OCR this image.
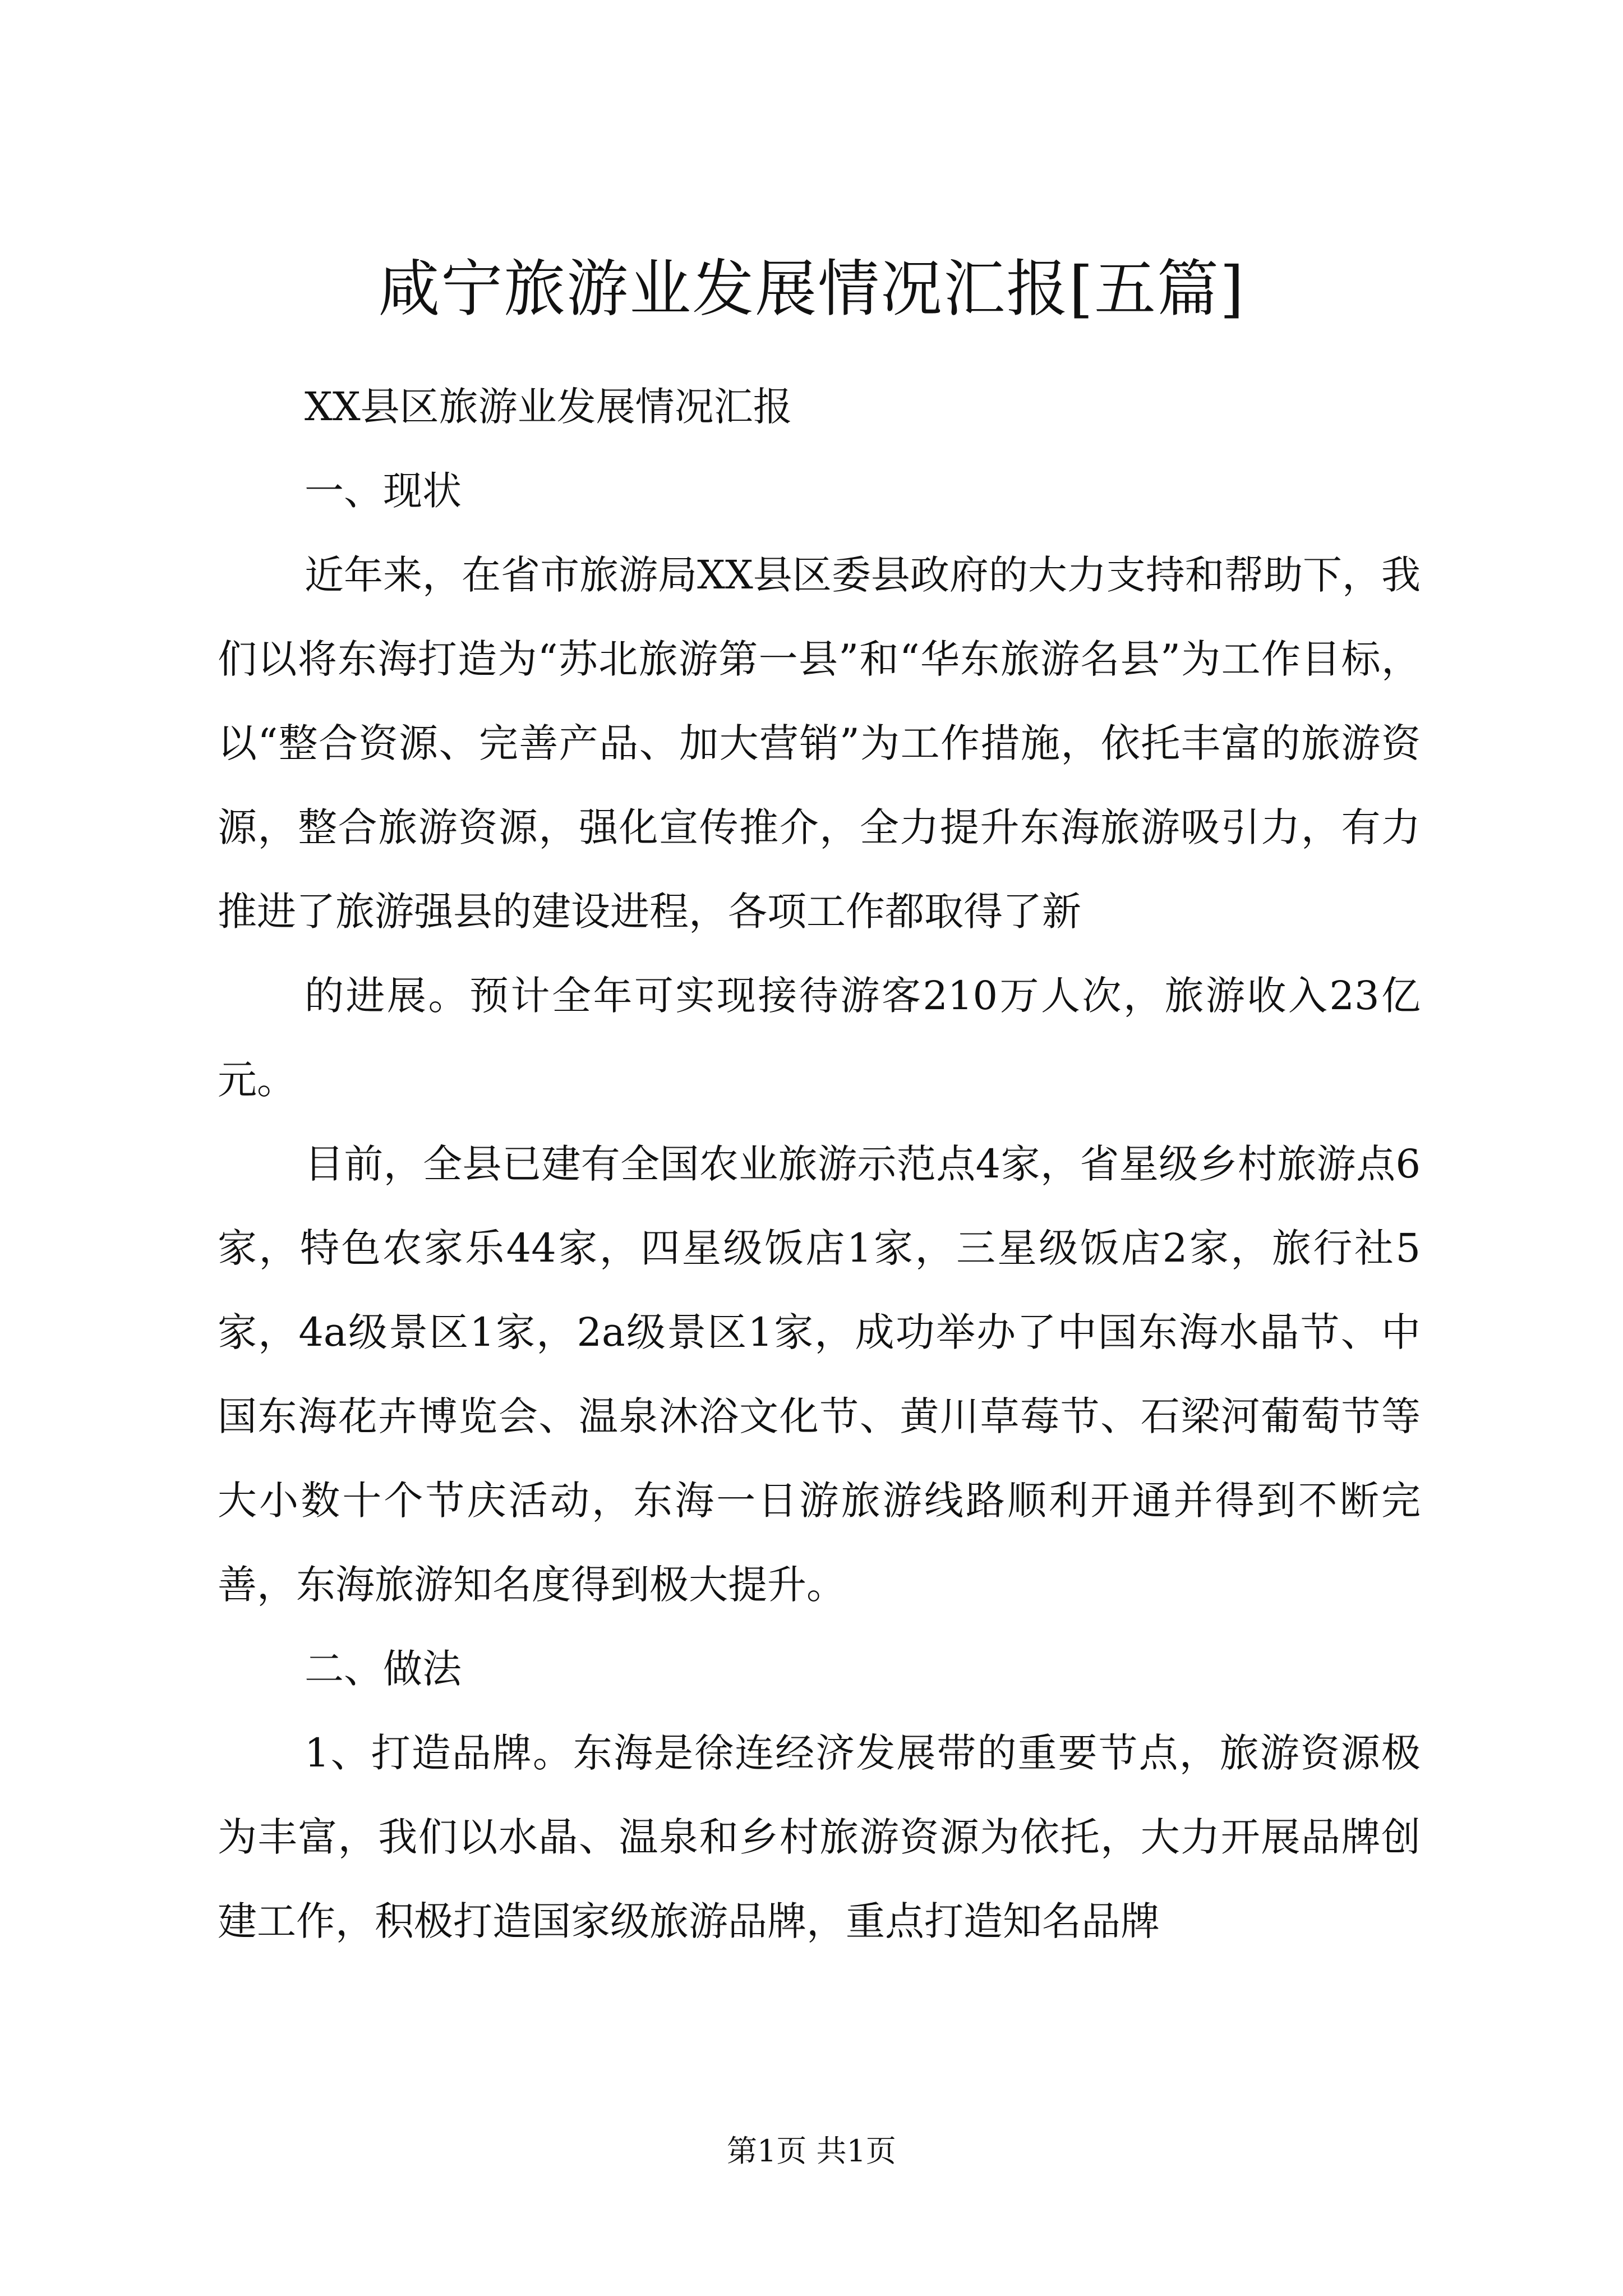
咸宁旅游业发展情况汇报[五篇]

XX县区旅游业发展情况汇报

一、现状

近年来，在省市旅游局XX县区委县政府的大力支持和帮助下，我们以将东海打造为“苏北旅游第一县”和“华东旅游名县”为工作目标，以“整合资源、完善产品、加大营销”为工作措施，依托丰富的旅游资源，整合旅游资源，强化宣传推介，全力提升东海旅游吸引力，有力推进了旅游强县的建设进程，各项工作都取得了新

的进展。预计全年可实现接待游客210万人次，旅游收入23亿元。

目前，全县已建有全国农业旅游示范点4家，省星级乡村旅游点6家，特色农家乐44家，四星级饭店1家，三星级饭店2家，旅行社5家，4a级景区1家，2a级景区1家，成功举办了中国东海水晶节、中国东海花卉博览会、温泉沐浴文化节、黄川草莓节、石梁河葡萄节等大小数十个节庆活动，东海一日游旅游线路顺利开通并得到不断完善，东海旅游知名度得到极大提升。

二、做法

1、打造品牌。东海是徐连经济发展带的重要节点，旅游资源极为丰富，我们以水晶、温泉和乡村旅游资源为依托，大力开展品牌创建工作，积极打造国家级旅游品牌，重点打造知名品牌

第1页 共1页
